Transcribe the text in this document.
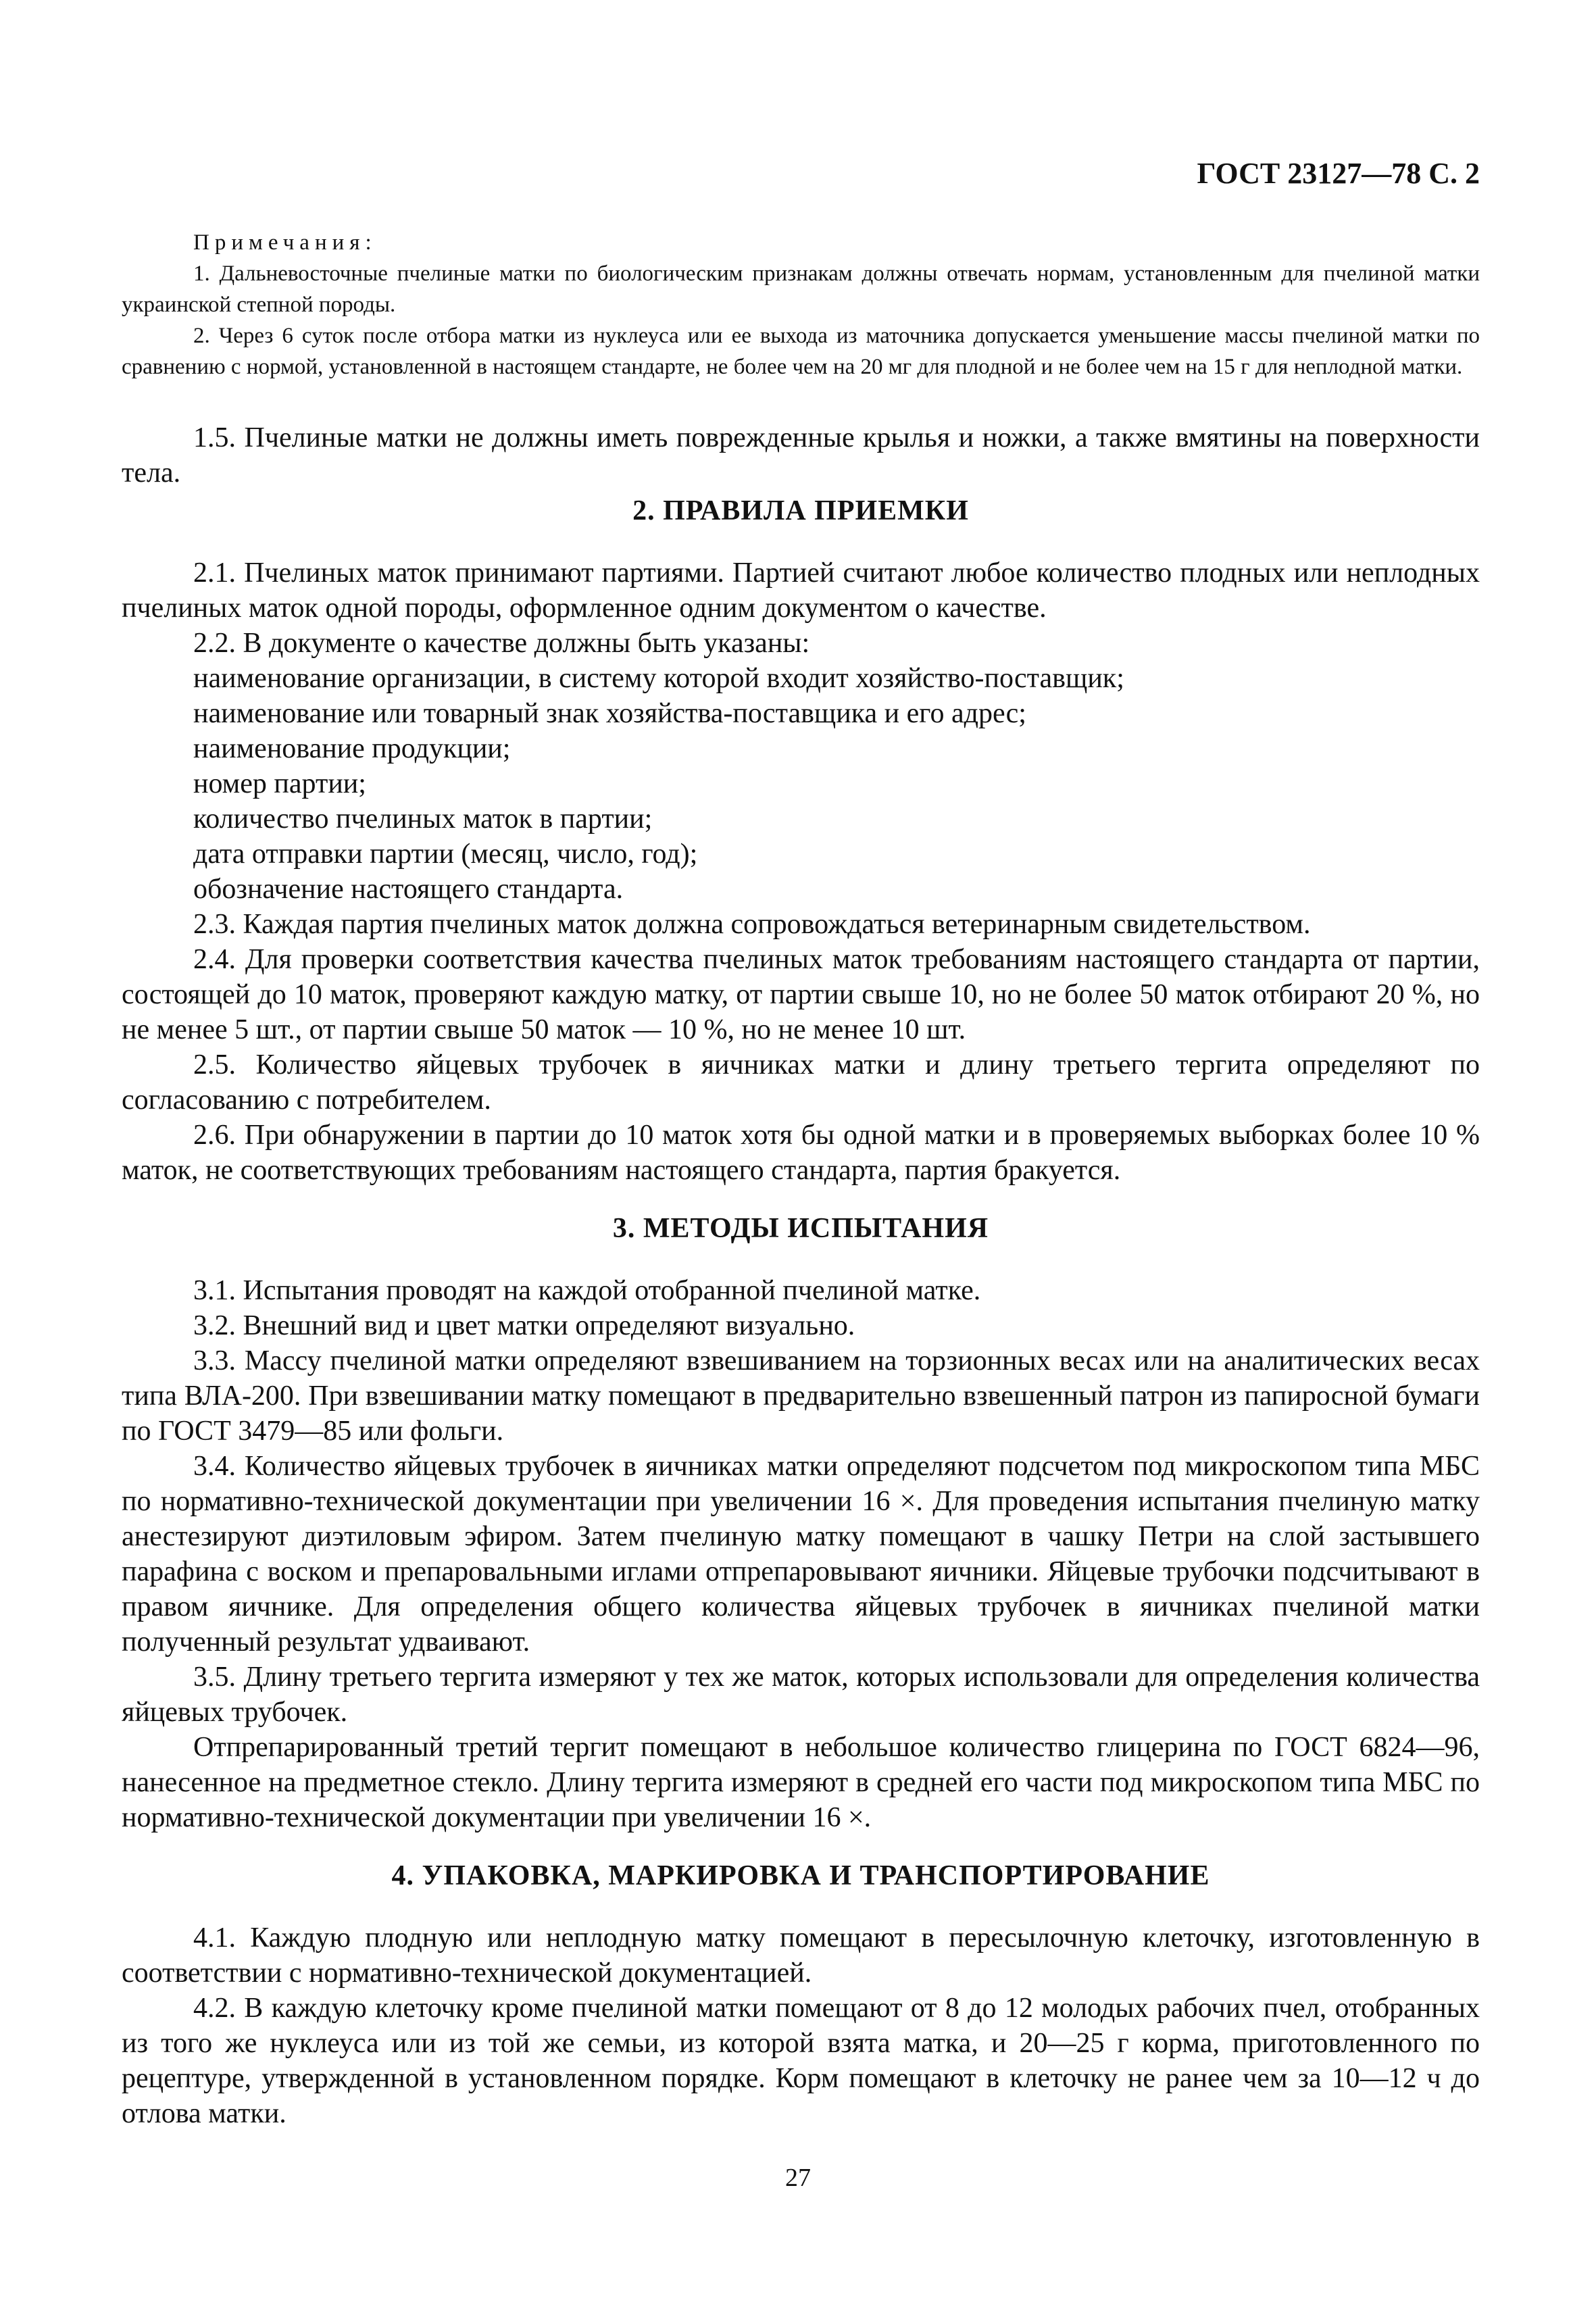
ГОСТ 23127—78 С. 2
Примечания:

1. Дальневосточные пчелиные матки по биологическим признакам должны отвечать нормам, установленным для пчелиной матки украинской степной породы.

2. Через 6 суток после отбора матки из нуклеуса или ее выхода из маточника допускается уменьшение массы пчелиной матки по сравнению с нормой, установленной в настоящем стандарте, не более чем на 20 мг для плодной и не более чем на 15 г для неплодной матки.

1.5. Пчелиные матки не должны иметь поврежденные крылья и ножки, а также вмятины на поверхности тела.

2. ПРАВИЛА ПРИЕМКИ

2.1. Пчелиных маток принимают партиями. Партией считают любое количество плодных или неплодных пчелиных маток одной породы, оформленное одним документом о качестве.

2.2. В документе о качестве должны быть указаны:

наименование организации, в систему которой входит хозяйство-поставщик;

наименование или товарный знак хозяйства-поставщика и его адрес;

наименование продукции;

номер партии;

количество пчелиных маток в партии;

дата отправки партии (месяц, число, год);

обозначение настоящего стандарта.

2.3. Каждая партия пчелиных маток должна сопровождаться ветеринарным свидетельством.

2.4. Для проверки соответствия качества пчелиных маток требованиям настоящего стандарта от партии, состоящей до 10 маток, проверяют каждую матку, от партии свыше 10, но не более 50 маток отбирают 20 %, но не менее 5 шт., от партии свыше 50 маток — 10 %, но не менее 10 шт.

2.5. Количество яйцевых трубочек в яичниках матки и длину третьего тергита определяют по согласованию с потребителем.

2.6. При обнаружении в партии до 10 маток хотя бы одной матки и в проверяемых выборках более 10 % маток, не соответствующих требованиям настоящего стандарта, партия бракуется.

3. МЕТОДЫ ИСПЫТАНИЯ

3.1. Испытания проводят на каждой отобранной пчелиной матке.

3.2. Внешний вид и цвет матки определяют визуально.

3.3. Массу пчелиной матки определяют взвешиванием на торзионных весах или на аналитических весах типа ВЛА-200. При взвешивании матку помещают в предварительно взвешенный патрон из папиросной бумаги по ГОСТ 3479—85 или фольги.

3.4. Количество яйцевых трубочек в яичниках матки определяют подсчетом под микроскопом типа МБС по нормативно-технической документации при увеличении 16 ×. Для проведения испытания пчелиную матку анестезируют диэтиловым эфиром. Затем пчелиную матку помещают в чашку Петри на слой застывшего парафина с воском и препаровальными иглами отпрепаровывают яичники. Яйцевые трубочки подсчитывают в правом яичнике. Для определения общего количества яйцевых трубочек в яичниках пчелиной матки полученный результат удваивают.

3.5. Длину третьего тергита измеряют у тех же маток, которых использовали для определения количества яйцевых трубочек.

Отпрепарированный третий тергит помещают в небольшое количество глицерина по ГОСТ 6824—96, нанесенное на предметное стекло. Длину тергита измеряют в средней его части под микроскопом типа МБС по нормативно-технической документации при увеличении 16 ×.

4. УПАКОВКА, МАРКИРОВКА И ТРАНСПОРТИРОВАНИЕ

4.1. Каждую плодную или неплодную матку помещают в пересылочную клеточку, изготовленную в соответствии с нормативно-технической документацией.

4.2. В каждую клеточку кроме пчелиной матки помещают от 8 до 12 молодых рабочих пчел, отобранных из того же нуклеуса или из той же семьи, из которой взята матка, и 20—25 г корма, приготовленного по рецептуре, утвержденной в установленном порядке. Корм помещают в клеточку не ранее чем за 10—12 ч до отлова матки.

27
